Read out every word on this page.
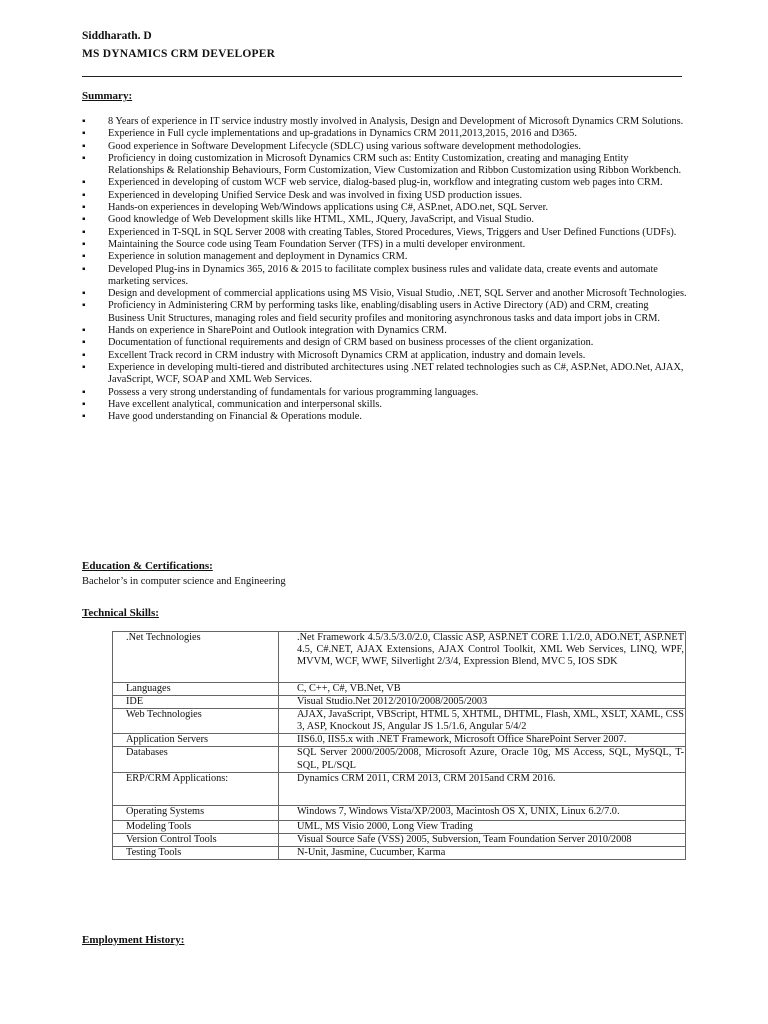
Siddharath. D
MS DYNAMICS CRM DEVELOPER
Summary:
▪ 8 Years of experience in IT service industry mostly involved in Analysis, Design and Development of Microsoft Dynamics CRM Solutions.
▪ Experience in Full cycle implementations and up-gradations in Dynamics CRM 2011,2013,2015, 2016 and D365.
▪ Good experience in Software Development Lifecycle (SDLC) using various software development methodologies.
▪ Proficiency in doing customization in Microsoft Dynamics CRM such as: Entity Customization, creating and managing Entity Relationships & Relationship Behaviours, Form Customization, View Customization and Ribbon Customization using Ribbon Workbench.
▪ Experienced in developing of custom WCF web service, dialog-based plug-in, workflow and integrating custom web pages into CRM.
▪ Experienced in developing Unified Service Desk and was involved in fixing USD production issues.
▪ Hands-on experiences in developing Web/Windows applications using C#, ASP.net, ADO.net, SQL Server.
▪ Good knowledge of Web Development skills like HTML, XML, JQuery, JavaScript, and Visual Studio.
▪ Experienced in T-SQL in SQL Server 2008 with creating Tables, Stored Procedures, Views, Triggers and User Defined Functions (UDFs).
▪ Maintaining the Source code using Team Foundation Server (TFS) in a multi developer environment.
▪ Experience in solution management and deployment in Dynamics CRM.
▪ Developed Plug-ins in Dynamics 365, 2016 & 2015 to facilitate complex business rules and validate data, create events and automate marketing services.
▪ Design and development of commercial applications using MS Visio, Visual Studio, .NET, SQL Server and another Microsoft Technologies.
▪ Proficiency in Administering CRM by performing tasks like, enabling/disabling users in Active Directory (AD) and CRM, creating Business Unit Structures, managing roles and field security profiles and monitoring asynchronous tasks and data import jobs in CRM.
▪ Hands on experience in SharePoint and Outlook integration with Dynamics CRM.
▪ Documentation of functional requirements and design of CRM based on business processes of the client organization.
▪ Excellent Track record in CRM industry with Microsoft Dynamics CRM at application, industry and domain levels.
▪ Experience in developing multi-tiered and distributed architectures using .NET related technologies such as C#, ASP.Net, ADO.Net, AJAX, JavaScript, WCF, SOAP and XML Web Services.
▪ Possess a very strong understanding of fundamentals for various programming languages.
▪ Have excellent analytical, communication and interpersonal skills.
▪ Have good understanding on Financial & Operations module.
Education & Certifications:
Bachelor’s in computer science and Engineering
Technical Skills:
.Net Technologies	.Net Framework 4.5/3.5/3.0/2.0, Classic ASP, ASP.NET CORE 1.1/2.0, ADO.NET, ASP.NET 4.5, C#.NET, AJAX Extensions, AJAX Control Toolkit, XML Web Services, LINQ, WPF, MVVM, WCF, WWF, Silverlight 2/3/4, Expression Blend, MVC 5, IOS SDK
Languages	C, C++, C#, VB.Net, VB
IDE	Visual Studio.Net 2012/2010/2008/2005/2003
Web Technologies	AJAX, JavaScript, VBScript, HTML 5, XHTML, DHTML, Flash, XML, XSLT, XAML, CSS 3, ASP, Knockout JS, Angular JS 1.5/1.6, Angular 5/4/2
Application Servers	IIS6.0, IIS5.x with .NET Framework, Microsoft Office SharePoint Server 2007.
Databases	SQL Server 2000/2005/2008, Microsoft Azure, Oracle 10g, MS Access, SQL, MySQL, T-SQL, PL/SQL
ERP/CRM Applications:	Dynamics CRM 2011, CRM 2013, CRM 2015and CRM 2016.
Operating Systems	Windows 7, Windows Vista/XP/2003, Macintosh OS X, UNIX, Linux 6.2/7.0.
Modeling Tools	UML, MS Visio 2000, Long View Trading
Version Control Tools	Visual Source Safe (VSS) 2005, Subversion, Team Foundation Server 2010/2008
Testing Tools	N-Unit, Jasmine, Cucumber, Karma
Employment History:
